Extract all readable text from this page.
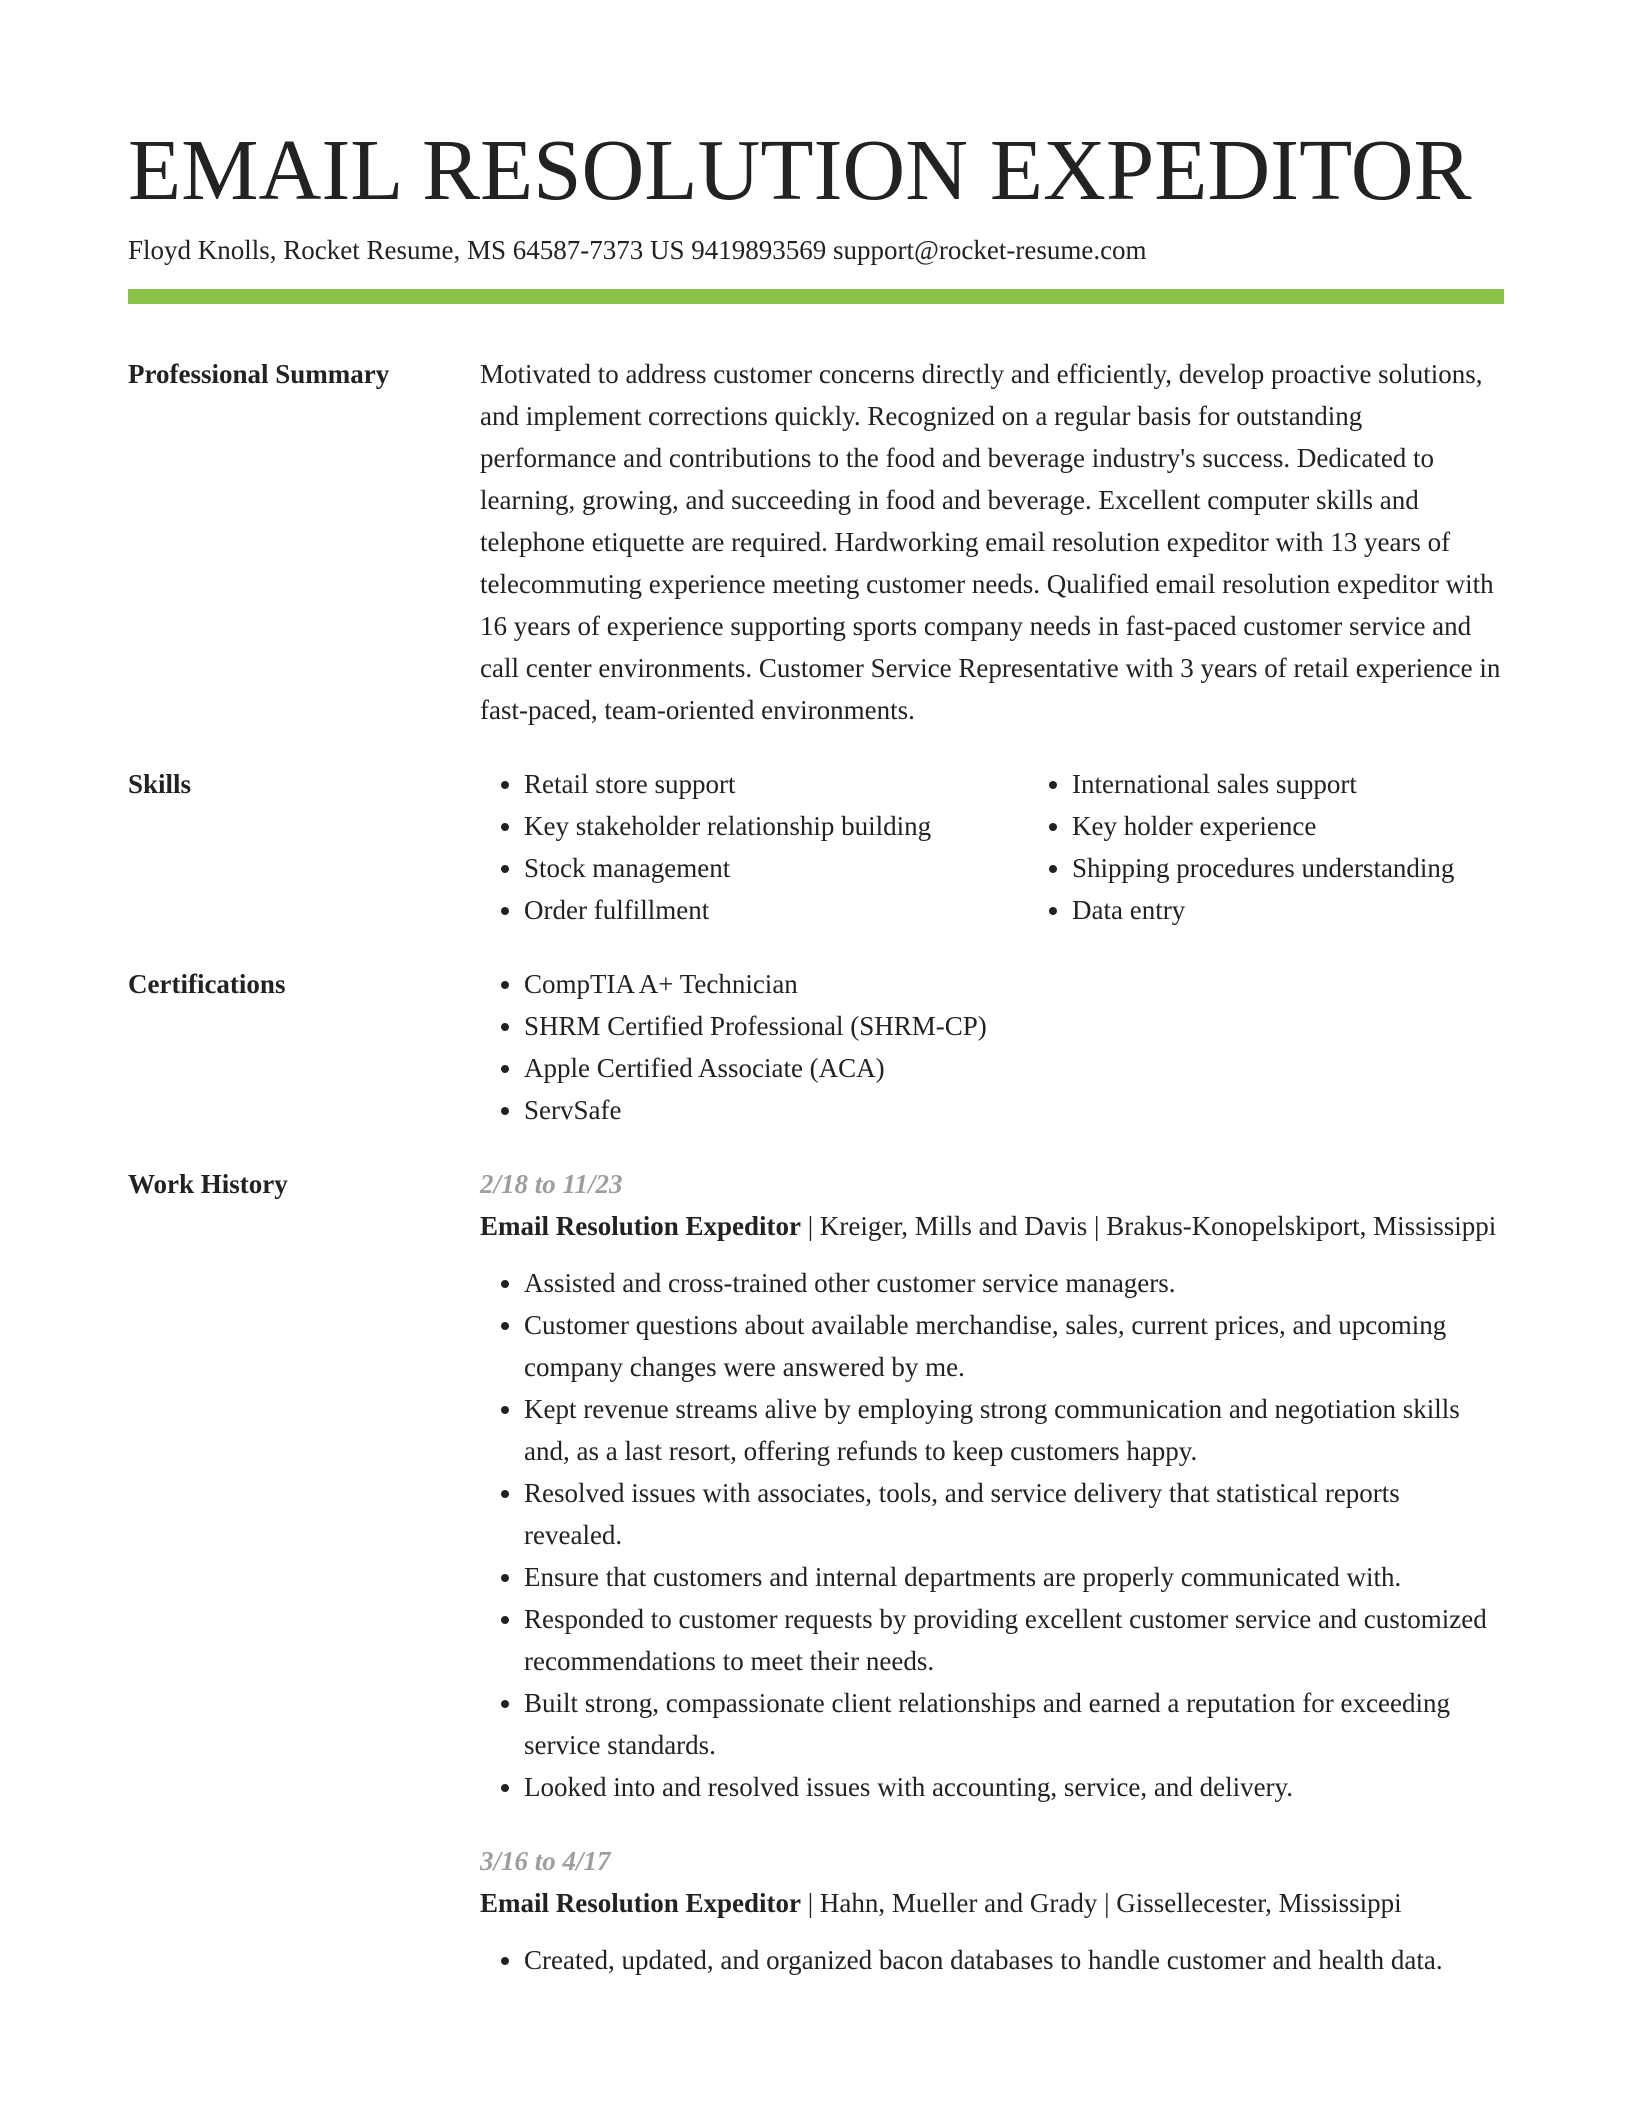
EMAIL RESOLUTION EXPEDITOR
Floyd Knolls, Rocket Resume, MS 64587-7373 US 9419893569 support@rocket-resume.com
Professional Summary	Motivated to address customer concerns directly and efficiently, develop proactive solutions, and implement corrections quickly. Recognized on a regular basis for outstanding performance and contributions to the food and beverage industry's success. Dedicated to learning, growing, and succeeding in food and beverage. Excellent computer skills and telephone etiquette are required. Hardworking email resolution expeditor with 13 years of telecommuting experience meeting customer needs. Qualified email resolution expeditor with 16 years of experience supporting sports company needs in fast-paced customer service and call center environments. Customer Service Representative with 3 years of retail experience in fast-paced, team-oriented environments.

Skills	• Retail store support
• Key stakeholder relationship building
• Stock management
• Order fulfillment
• International sales support
• Key holder experience
• Shipping procedures understanding
• Data entry
Certifications	• CompTIA A+ Technician
• SHRM Certified Professional (SHRM-CP)
• Apple Certified Associate (ACA)
• ServSafe
Work History	2/18 to 11/23

Email Resolution Expeditor | Kreiger, Mills and Davis | Brakus-Konopelskiport, Mississippi

• Assisted and cross-trained other customer service managers.
• Customer questions about available merchandise, sales, current prices, and upcoming company changes were answered by me.
• Kept revenue streams alive by employing strong communication and negotiation skills and, as a last resort, offering refunds to keep customers happy.
• Resolved issues with associates, tools, and service delivery that statistical reports revealed.
• Ensure that customers and internal departments are properly communicated with.
• Responded to customer requests by providing excellent customer service and customized recommendations to meet their needs.
• Built strong, compassionate client relationships and earned a reputation for exceeding service standards.
• Looked into and resolved issues with accounting, service, and delivery.
3/16 to 4/17

Email Resolution Expeditor | Hahn, Mueller and Grady | Gissellecester, Mississippi

• Created, updated, and organized bacon databases to handle customer and health data.
